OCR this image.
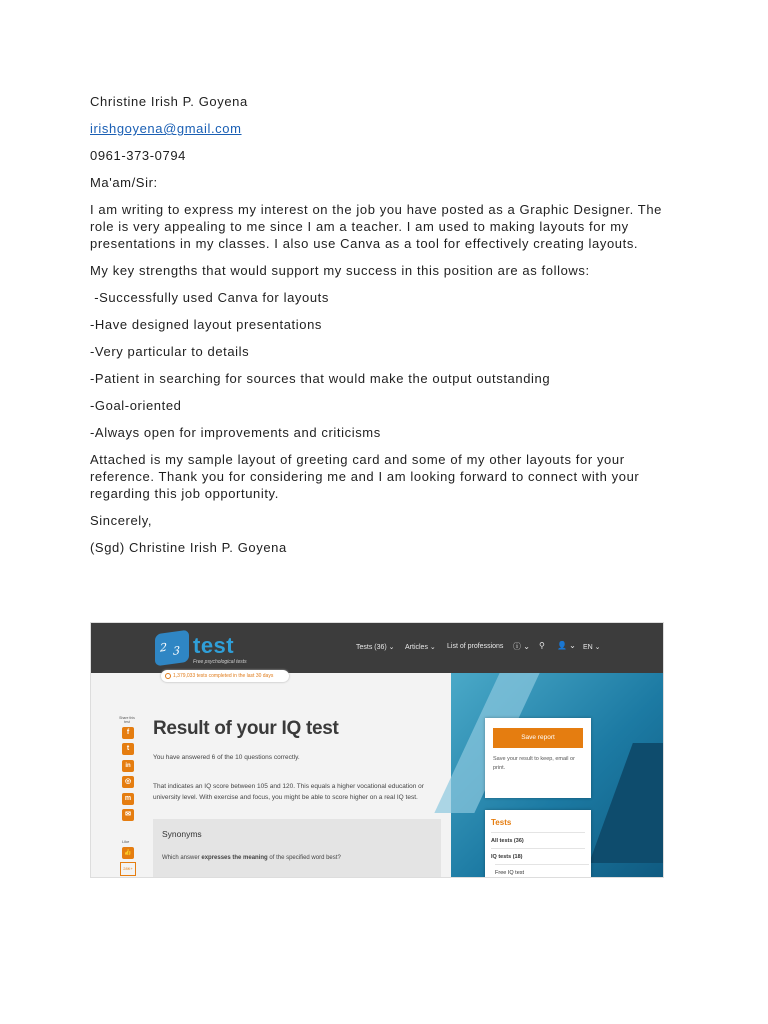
Christine Irish P. Goyena

irishgoyena@gmail.com

0961-373-0794

Ma'am/Sir:

I am writing to express my interest on the job you have posted as a Graphic Designer. The role is very appealing to me since I am a teacher. I am used to making layouts for my presentations in my classes. I also use Canva as a tool for effectively creating layouts.

My key strengths that would support my success in this position are as follows:

-Successfully used Canva for layouts

-Have designed layout presentations

-Very particular to details

-Patient in searching for sources that would make the output outstanding

-Goal-oriented

-Always open for improvements and criticisms

Attached is my sample layout of greeting card and some of my other layouts for your reference. Thank you for considering me and I am looking forward to connect with your regarding this job opportunity.

Sincerely,

(Sgd) Christine Irish P. Goyena

2 3 test
Free psychological tests
Tests (36) ⌄ Articles ⌄ List of professions ⓘ ⌄ ⚲ 👤 ⌄ EN ⌄
1,379,033 tests completed in the last 30 days
Share this test
f
t
in
◎
m
✉
Like
👍
28K+
Result of your IQ test
You have answered 6 of the 10 questions correctly.
That indicates an IQ score between 105 and 120. This equals a higher vocational education or university level. With exercise and focus, you might be able to score higher on a real IQ test.
Synonyms
Which answer expresses the meaning of the specified word best?
Save report
Save your result to keep, email or print.
Tests
All tests (36)
IQ tests (18)
Free IQ test
